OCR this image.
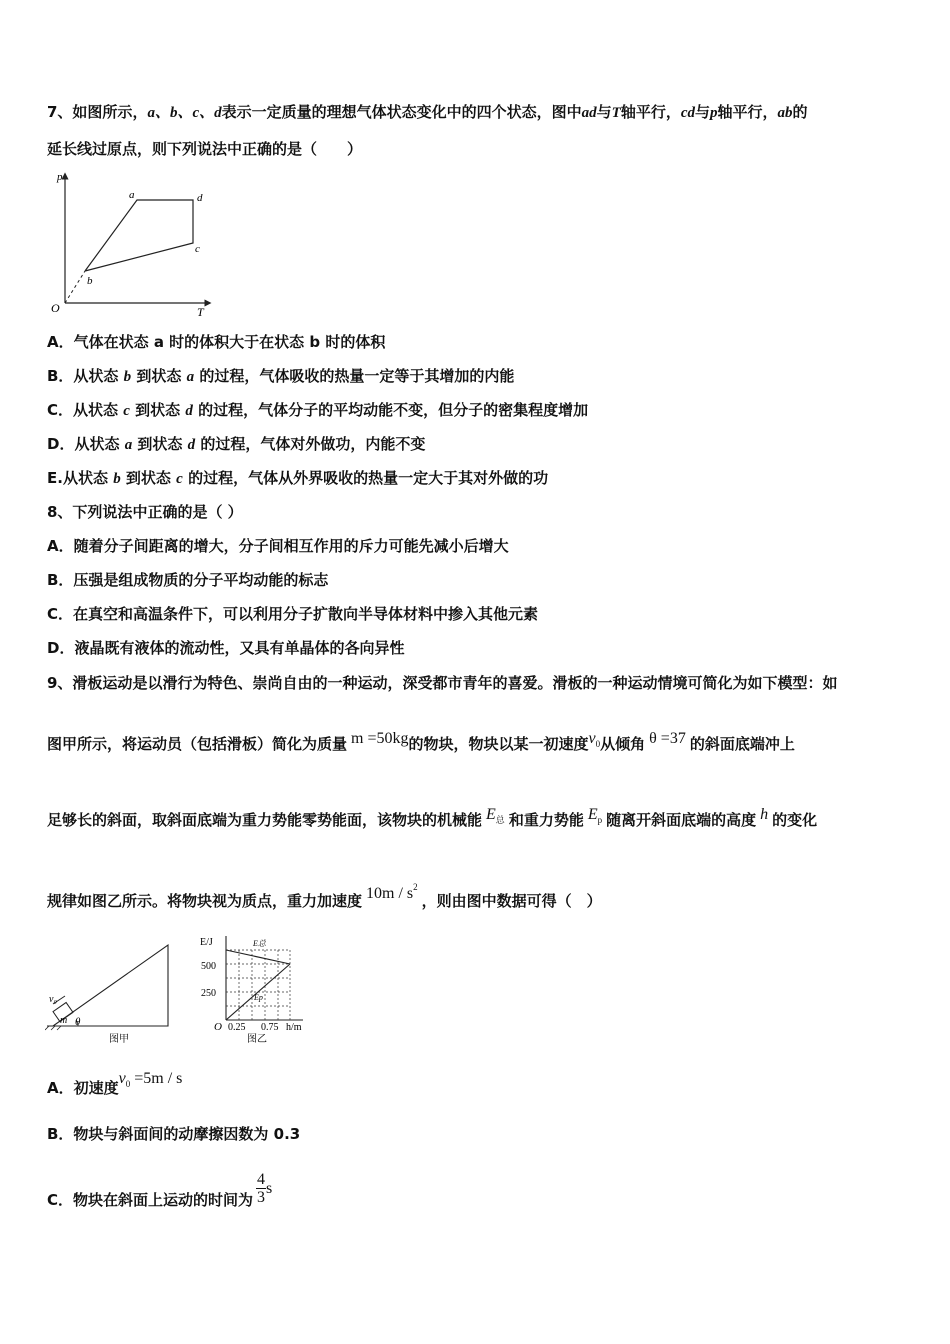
7、如图所示，a、b、c、d表示一定质量的理想气体状态变化中的四个状态，图中ad与T轴平行，cd与p轴平行，ab的
延长线过原点，则下列说法中正确的是（　　）
p
T
O
a	d
c
b
A．气体在状态 a 时的体积大于在状态 b 时的体积
B．从状态 b 到状态 a 的过程，气体吸收的热量一定等于其增加的内能
C．从状态 c 到状态 d 的过程，气体分子的平均动能不变，但分子的密集程度增加
D．从状态 a 到状态 d 的过程，气体对外做功，内能不变
E.从状态 b 到状态 c 的过程，气体从外界吸收的热量一定大于其对外做的功
8、下列说法中正确的是（ ）
A．随着分子间距离的增大，分子间相互作用的斥力可能先减小后增大
B．压强是组成物质的分子平均动能的标志
C．在真空和高温条件下，可以利用分子扩散向半导体材料中掺入其他元素
D．液晶既有液体的流动性，又具有单晶体的各向异性
9、滑板运动是以滑行为特色、崇尚自由的一种运动，深受都市青年的喜爱。滑板的一种运动情境可简化为如下模型：如
图甲所示，将运动员（包括滑板）简化为质量 m =50kg的物块，物块以某一初速度$v_0$从倾角 θ =37 的斜面底端冲上
足够长的斜面，取斜面底端为重力势能零势能面，该物块的机械能 $E_总$ 和重力势能 $E_p$ 随离开斜面底端的高度 h 的变化
规律如图乙所示。将物块视为质点，重力加速度 $10m / s^2$ ，则由图中数据可得（　）
v₀
m θ
图甲
E/J
500
250
O 0.25 0.75 h/m
E总
Ep
图乙
A．初速度$v_0 =5m / s$
B．物块与斜面间的动摩擦因数为 0.3
C．物块在斜面上运动的时间为 $\frac{4}{3}$ s
